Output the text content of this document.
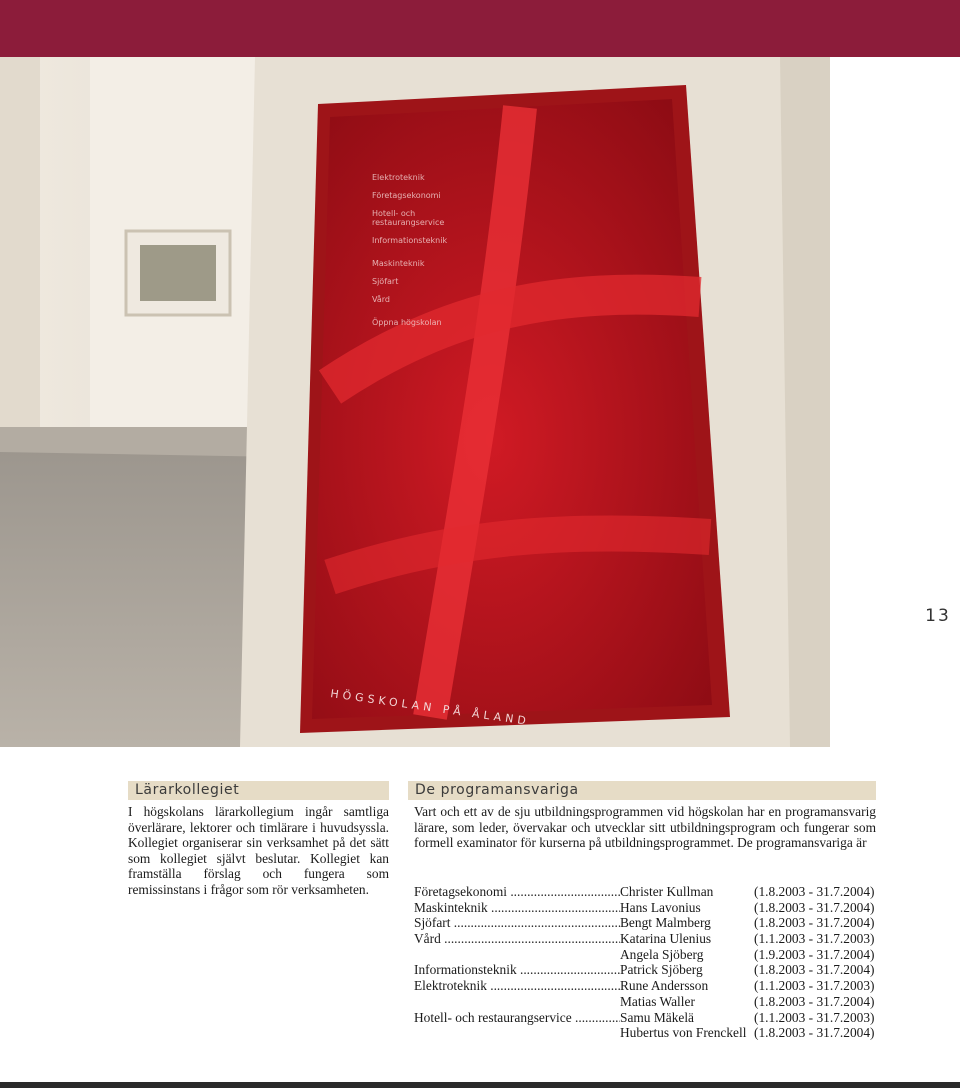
Elektroteknik
Företagsekonomi
Hotell- och
restaurangservice
Informationsteknik
Maskinteknik
Sjöfart
Vård
Öppna högskolan
HÖGSKOLAN PÅ ÅLAND
13
Lärarkollegiet
I högskolans lärarkollegium ingår samtliga överlärare, lektorer och timlärare i huvudsyssla. Kollegiet organiserar sin verksamhet på det sätt som kollegiet självt beslutar. Kollegiet kan framställa förslag och fungera som remissinstans i frågor som rör verksamheten.
De programansvariga
Vart och ett av de sju utbildningsprogrammen vid högskolan har en programansvarig lärare, som leder, övervakar och utvecklar sitt utbildningsprogram och fungerar som formell examinator för kurserna på utbildningsprogrammet. De programansvariga är
Företagsekonomi .....	Christer Kullman	(1.8.2003 - 31.7.2004)
Maskinteknik .....	Hans Lavonius	(1.8.2003 - 31.7.2004)
Sjöfart .....	Bengt Malmberg	(1.8.2003 - 31.7.2004)
Vård .....	Katarina Ulenius	(1.1.2003 - 31.7.2003)
Angela Sjöberg	(1.9.2003 - 31.7.2004)
Informationsteknik .....	Patrick Sjöberg	(1.8.2003 - 31.7.2004)
Elektroteknik .....	Rune Andersson	(1.1.2003 - 31.7.2003)
Matias Waller	(1.8.2003 - 31.7.2004)
Hotell- och restaurangservice .....	Samu Mäkelä	(1.1.2003 - 31.7.2003)
Hubertus von Frenckell (1.8.2003 - 31.7.2004)
